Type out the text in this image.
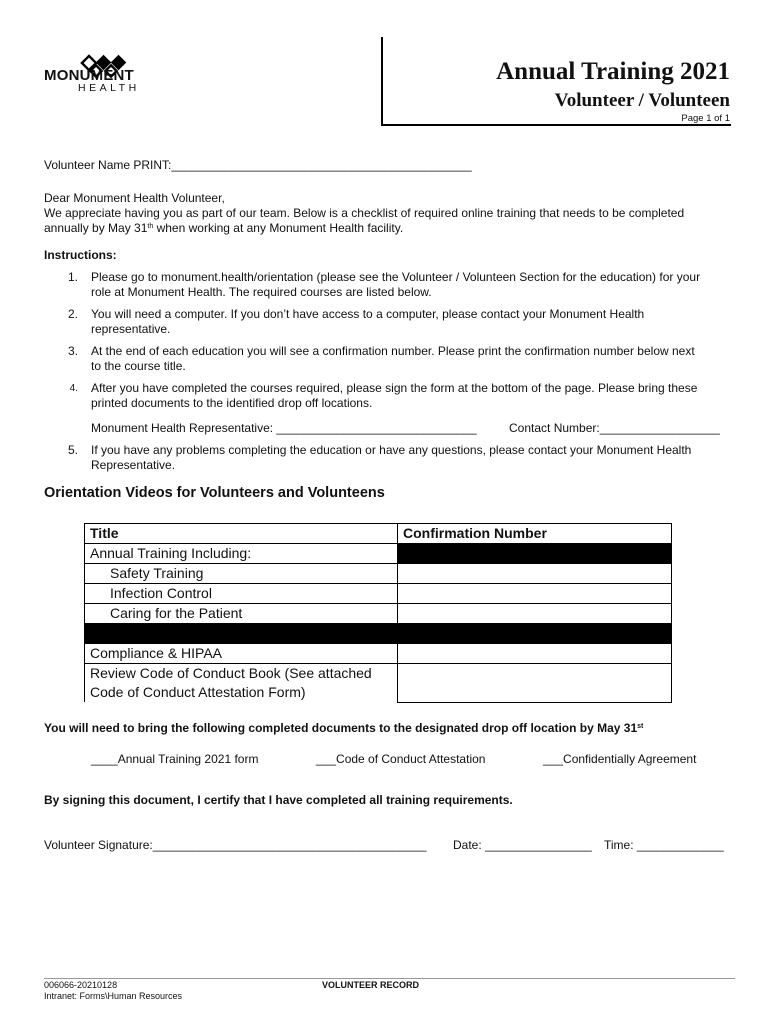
MONUMENT
HEALTH
Annual Training 2021
Volunteer / Volunteen
Page 1 of 1
Volunteer Name PRINT:_____________________________________________
Dear Monument Health Volunteer,
We appreciate having you as part of our team. Below is a checklist of required online training that needs to be completed
annually by May 31th when working at any Monument Health facility.
Instructions:
1. Please go to monument.health/orientation (please see the Volunteer / Volunteen Section for the education) for your
role at Monument Health. The required courses are listed below.
2. You will need a computer. If you don’t have access to a computer, please contact your Monument Health
representative.
3. At the end of each education you will see a confirmation number. Please print the confirmation number below next
to the course title.
4. After you have completed the courses required, please sign the form at the bottom of the page. Please bring these
printed documents to the identified drop off locations.
Monument Health Representative: ______________________________	Contact Number:__________________
5. If you have any problems completing the education or have any questions, please contact your Monument Health
Representative.
Orientation Videos for Volunteers and Volunteens
Title	Confirmation Number
Annual Training Including:	
Safety Training	
Infection Control	
Caring for the Patient	

Compliance & HIPAA	

Review Code of Conduct Book (See attached
Code of Conduct Attestation Form)	

You will need to bring the following completed documents to the designated drop off location by May 31st
____Annual Training 2021 form	___Code of Conduct Attestation	___Confidentially Agreement
By signing this document, I certify that I have completed all training requirements.
Volunteer Signature:_________________________________________ Date: ________________ Time: _____________
006066-20210128
Intranet: Forms\Human Resources
VOLUNTEER RECORD
